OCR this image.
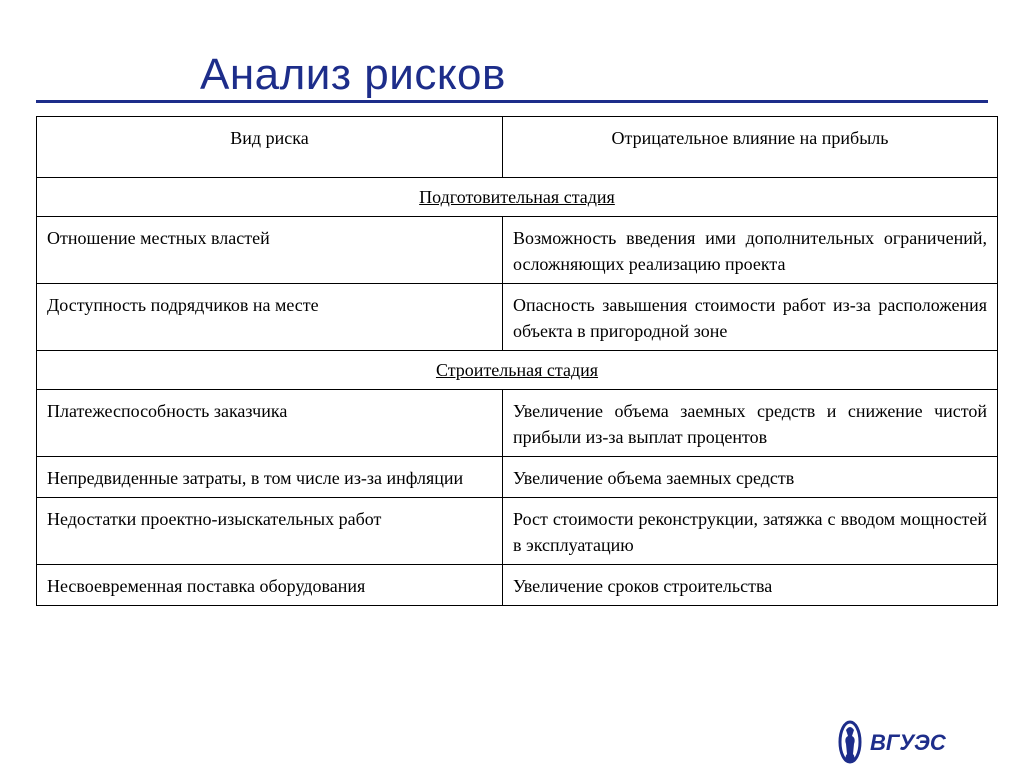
Анализ рисков
Вид риска	Отрицательное влияние на прибыль
Подготовительная стадия	
Отношение местных властей	Возможность введения ими дополнительных ограничений, осложняющих реализацию проекта
Доступность подрядчиков на месте	Опасность завышения стоимости работ из-за расположения объекта в пригородной зоне
Строительная стадия	
Платежеспособность заказчика	Увеличение объема заемных средств и снижение чистой прибыли из-за выплат процентов
Непредвиденные затраты, в том числе из-за инфляции	Увеличение объема заемных средств
Недостатки проектно-изыскательных работ	Рост стоимости реконструкции, затяжка с вводом мощностей в эксплуатацию
Несвоевременная поставка оборудования	Увеличение сроков строительства
ВГУЭС
